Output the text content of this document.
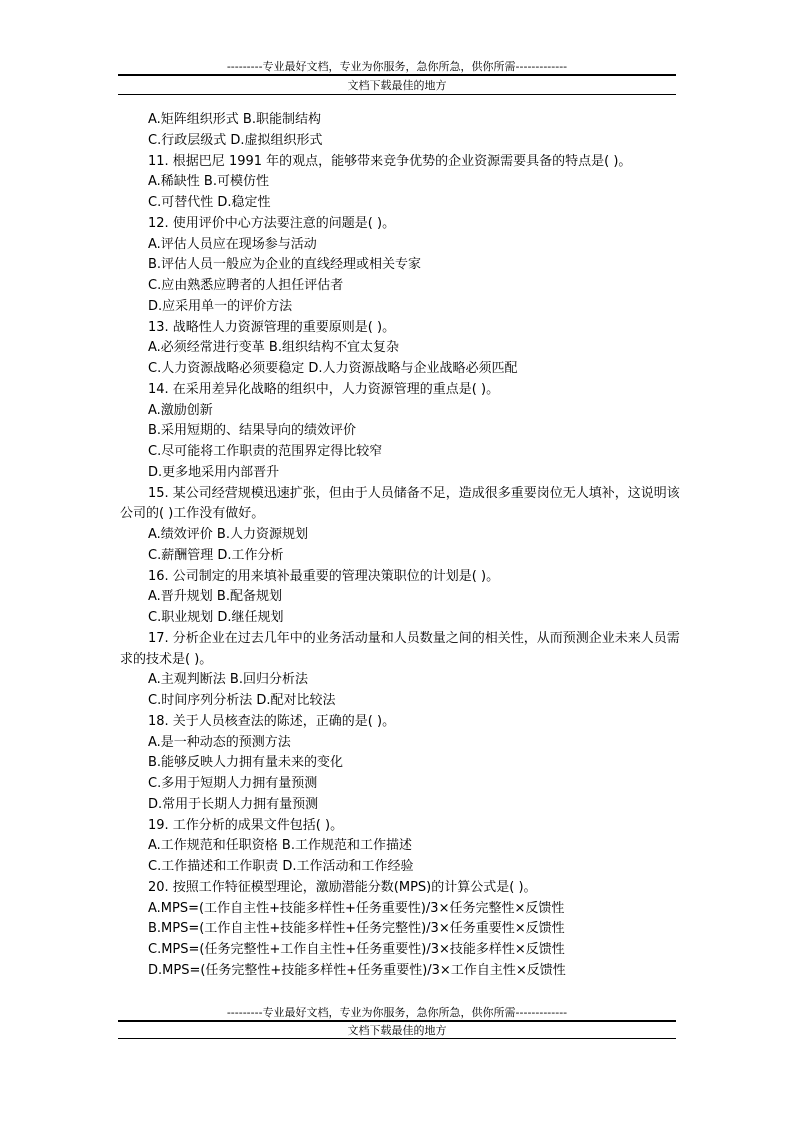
---------专业最好文档，专业为你服务，急你所急，供你所需-------------
文档下载最佳的地方
A.矩阵组织形式 B.职能制结构
C.行政层级式 D.虚拟组织形式
11. 根据巴尼 1991 年的观点，能够带来竞争优势的企业资源需要具备的特点是( )。
A.稀缺性 B.可模仿性
C.可替代性 D.稳定性
12. 使用评价中心方法要注意的问题是( )。
A.评估人员应在现场参与活动
B.评估人员一般应为企业的直线经理或相关专家
C.应由熟悉应聘者的人担任评估者
D.应采用单一的评价方法
13. 战略性人力资源管理的重要原则是( )。
A.必须经常进行变革 B.组织结构不宜太复杂
C.人力资源战略必须要稳定 D.人力资源战略与企业战略必须匹配
14. 在采用差异化战略的组织中，人力资源管理的重点是( )。
A.激励创新
B.采用短期的、结果导向的绩效评价
C.尽可能将工作职责的范围界定得比较窄
D.更多地采用内部晋升
15. 某公司经营规模迅速扩张，但由于人员储备不足，造成很多重要岗位无人填补，这说明该公司的( )工作没有做好。
A.绩效评价 B.人力资源规划
C.薪酬管理 D.工作分析
16. 公司制定的用来填补最重要的管理决策职位的计划是( )。
A.晋升规划 B.配备规划
C.职业规划 D.继任规划
17. 分析企业在过去几年中的业务活动量和人员数量之间的相关性，从而预测企业未来人员需求的技术是( )。
A.主观判断法 B.回归分析法
C.时间序列分析法 D.配对比较法
18. 关于人员核查法的陈述，正确的是( )。
A.是一种动态的预测方法
B.能够反映人力拥有量未来的变化
C.多用于短期人力拥有量预测
D.常用于长期人力拥有量预测
19. 工作分析的成果文件包括( )。
A.工作规范和任职资格 B.工作规范和工作描述
C.工作描述和工作职责 D.工作活动和工作经验
20. 按照工作特征模型理论，激励潜能分数(MPS)的计算公式是( )。
A.MPS=(工作自主性+技能多样性+任务重要性)/3×任务完整性×反馈性
B.MPS=(工作自主性+技能多样性+任务完整性)/3×任务重要性×反馈性
C.MPS=(任务完整性+工作自主性+任务重要性)/3×技能多样性×反馈性
D.MPS=(任务完整性+技能多样性+任务重要性)/3×工作自主性×反馈性
---------专业最好文档，专业为你服务，急你所急，供你所需-------------
文档下载最佳的地方
